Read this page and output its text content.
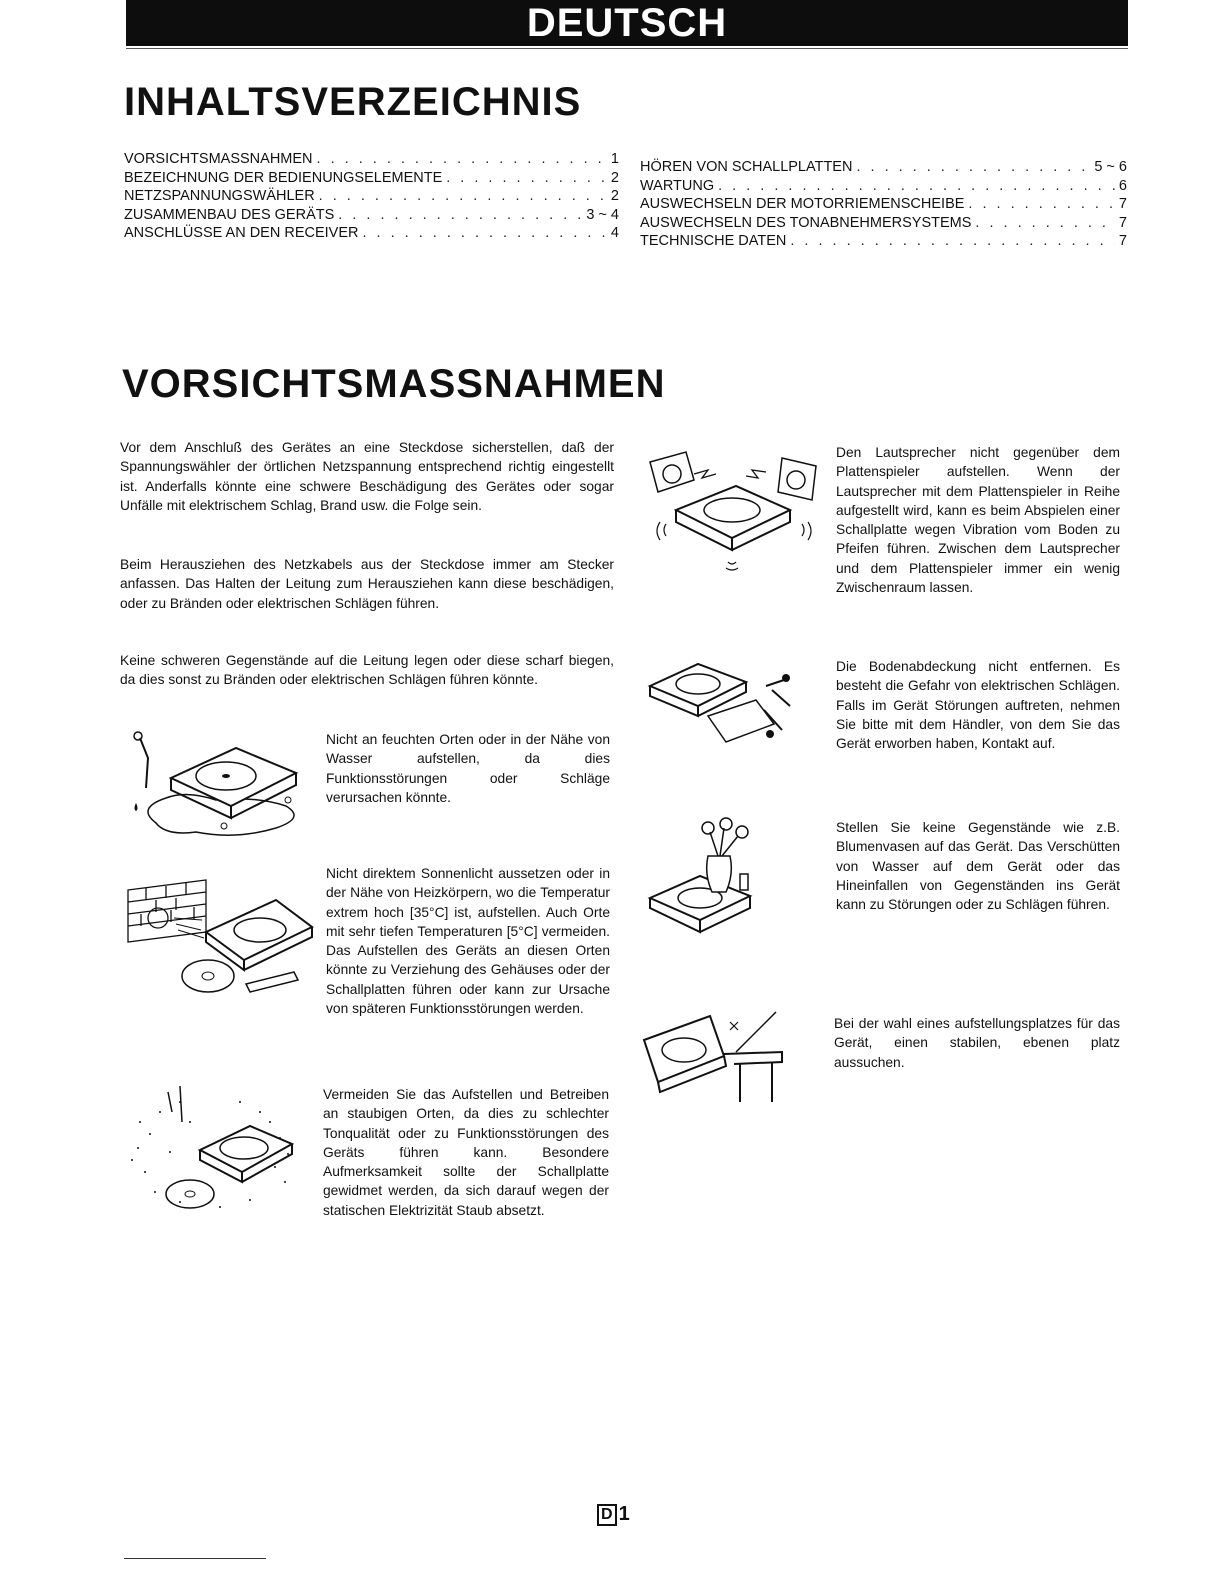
DEUTSCH
INHALTSVERZEICHNIS
VORSICHTSMASSNAHMEN . . .	1
BEZEICHNUNG DER BEDIENUNGSELEMENTE . . .	2
NETZSPANNUNGSWÄHLER . . .	2
ZUSAMMENBAU DES GERÄTS . . .	3 ~ 4
ANSCHLÜSSE AN DEN RECEIVER . . .	4
HÖREN VON SCHALLPLATTEN . . .	5 ~ 6
WARTUNG . . .	6
AUSWECHSELN DER MOTORRIEMENSCHEIBE . . .	7
AUSWECHSELN DES TONABNEHMERSYSTEMS . . .	7
TECHNISCHE DATEN . . .	7
VORSICHTSMASSNAHMEN

Vor dem Anschluß des Gerätes an eine Steckdose sicherstellen, daß der Spannungswähler der örtlichen Netzspannung entsprechend richtig eingestellt ist. Anderfalls könnte eine schwere Beschädigung des Gerätes oder sogar Unfälle mit elektrischem Schlag, Brand usw. die Folge sein.

Beim Herausziehen des Netzkabels aus der Steckdose immer am Stecker anfassen. Das Halten der Leitung zum Herausziehen kann diese beschädigen, oder zu Bränden oder elektrischen Schlägen führen.

Keine schweren Gegenstände auf die Leitung legen oder diese scharf biegen, da dies sonst zu Bränden oder elektrischen Schlägen führen könnte.

Nicht an feuchten Orten oder in der Nähe von Wasser aufstellen, da dies Funktionsstörungen oder Schläge verursachen könnte.

Nicht direktem Sonnenlicht aussetzen oder in der Nähe von Heizkörpern, wo die Temperatur extrem hoch [35°C] ist, aufstellen. Auch Orte mit sehr tiefen Temperaturen [5°C] vermeiden. Das Aufstellen des Geräts an diesen Orten könnte zu Verziehung des Gehäuses oder der Schallplatten führen oder kann zur Ursache von späteren Funktionsstörungen werden.

Vermeiden Sie das Aufstellen und Betreiben an staubigen Orten, da dies zu schlechter Tonqualität oder zu Funktionsstörungen des Geräts führen kann. Besondere Aufmerksamkeit sollte der Schallplatte gewidmet werden, da sich darauf wegen der statischen Elektrizität Staub absetzt.

Den Lautsprecher nicht gegenüber dem Plattenspieler aufstellen. Wenn der Lautsprecher mit dem Plattenspieler in Reihe aufgestellt wird, kann es beim Abspielen einer Schallplatte wegen Vibration vom Boden zu Pfeifen führen. Zwischen dem Lautsprecher und dem Plattenspieler immer ein wenig Zwischenraum lassen.

Die Bodenabdeckung nicht entfernen. Es besteht die Gefahr von elektrischen Schlägen. Falls im Gerät Störungen auftreten, nehmen Sie bitte mit dem Händler, von dem Sie das Gerät erworben haben, Kontakt auf.

Stellen Sie keine Gegenstände wie z.B. Blumenvasen auf das Gerät. Das Verschütten von Wasser auf dem Gerät oder das Hineinfallen von Gegenständen ins Gerät kann zu Störungen oder zu Schlägen führen.

Bei der wahl eines aufstellungsplatzes für das Gerät, einen stabilen, ebenen platz aussuchen.

D 1
